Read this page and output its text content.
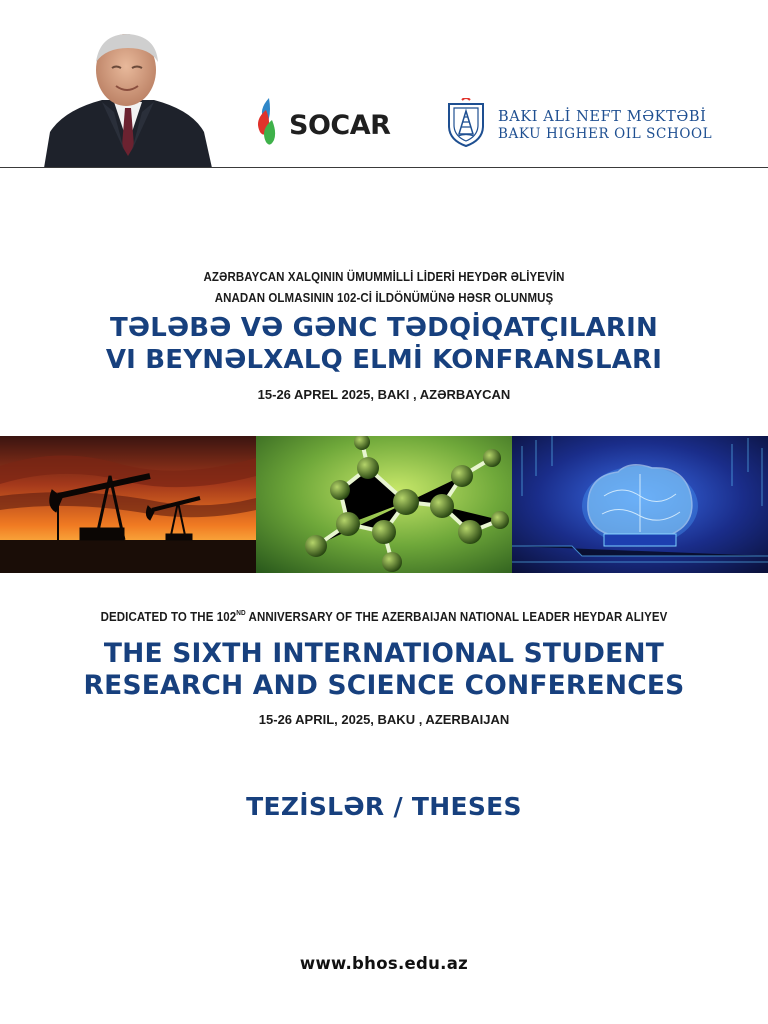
SOCAR	BAKI ALİ NEFT MƏKTƏBİ
BAKU HIGHER OIL SCHOOL
AZƏRBAYCAN XALQININ ÜMUMMİLLİ LİDERİ HEYDƏR ƏLİYEVİN
ANADAN OLMASININ 102-Cİ İLDÖNÜMÜNƏ HƏSR OLUNMUŞ
TƏLƏBƏ VƏ GƏNC TƏDQİQATÇILARIN
VI BEYNƏLXALQ ELMİ KONFRANSLARI
15-26 APREL 2025, BAKI , AZƏRBAYCAN
DEDICATED TO THE 102ND ANNIVERSARY OF THE AZERBAIJAN NATIONAL LEADER HEYDAR ALIYEV
THE SIXTH INTERNATIONAL STUDENT
RESEARCH AND SCIENCE CONFERENCES
15-26 APRIL, 2025, BAKU , AZERBAIJAN
TEZİSLƏR / THESES
www.bhos.edu.az
